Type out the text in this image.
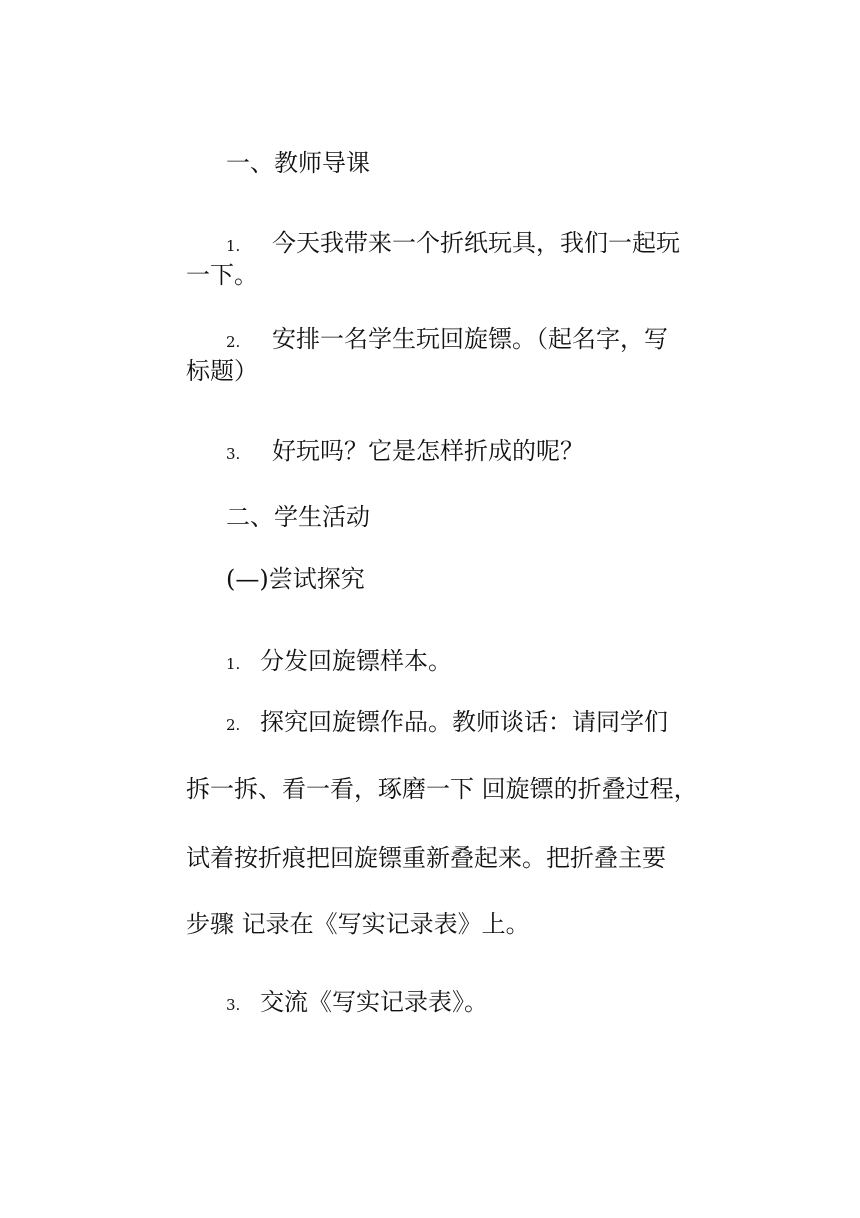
一、教师导课
1. 今天我带来一个折纸玩具，我们一起玩
一下。
2. 安排一名学生玩回旋镖。（起名字，写
标题）
3. 好玩吗？它是怎样折成的呢？
二、学生活动
(—)尝试探究
1. 分发回旋镖样本。
2. 探究回旋镖作品。教师谈话：请同学们
拆一拆、看一看，琢磨一下 回旋镖的折叠过程，
试着按折痕把回旋镖重新叠起来。把折叠主要
步骤 记录在《写实记录表》上。
3. 交流《写实记录表》。
